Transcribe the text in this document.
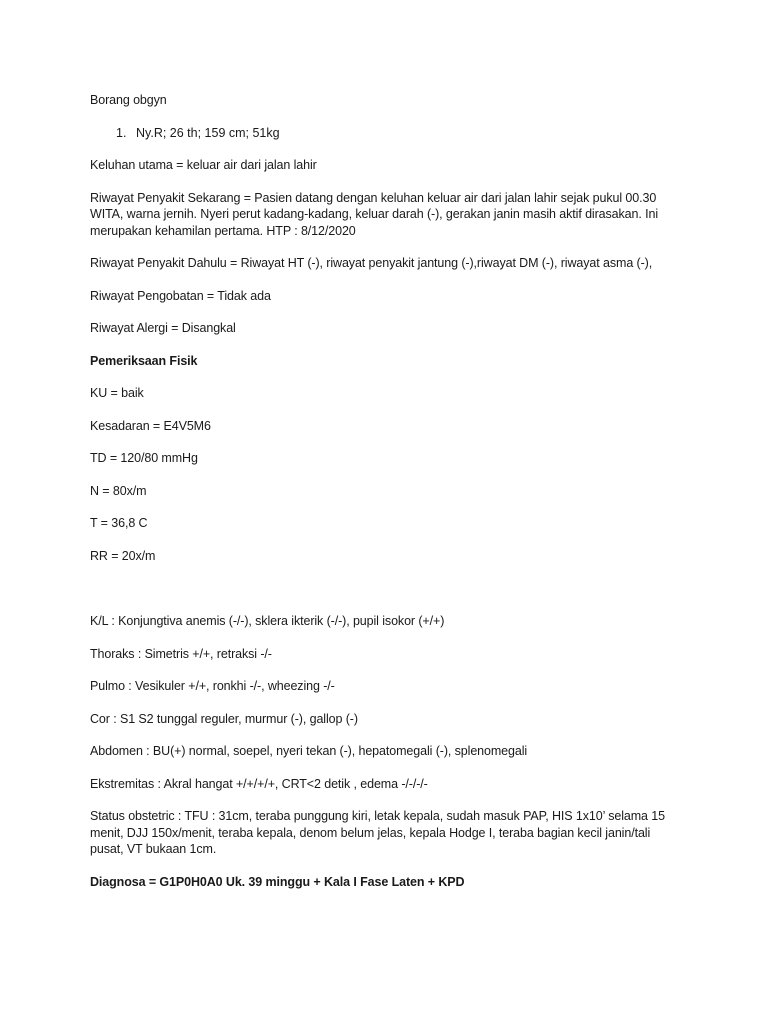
Borang obgyn

1. Ny.R; 26 th; 159 cm; 51kg

Keluhan utama = keluar air dari jalan lahir

Riwayat Penyakit Sekarang = Pasien datang dengan keluhan keluar air dari jalan lahir sejak pukul 00.30 WITA, warna jernih. Nyeri perut kadang-kadang, keluar darah (-), gerakan janin masih aktif dirasakan. Ini merupakan kehamilan pertama. HTP : 8/12/2020

Riwayat Penyakit Dahulu = Riwayat HT (-), riwayat penyakit jantung (-),riwayat DM (-), riwayat asma (-),

Riwayat Pengobatan = Tidak ada

Riwayat Alergi = Disangkal

Pemeriksaan Fisik

KU = baik

Kesadaran = E4V5M6

TD = 120/80 mmHg

N = 80x/m

T = 36,8 C

RR = 20x/m

K/L : Konjungtiva anemis (-/-), sklera ikterik (-/-), pupil isokor (+/+)

Thoraks : Simetris +/+, retraksi -/-

Pulmo : Vesikuler +/+, ronkhi -/-, wheezing -/-

Cor : S1 S2 tunggal reguler, murmur (-), gallop (-)

Abdomen : BU(+) normal, soepel, nyeri tekan (-), hepatomegali (-), splenomegali

Ekstremitas : Akral hangat +/+/+/+, CRT<2 detik , edema -/-/-/-

Status obstetric : TFU : 31cm, teraba punggung kiri, letak kepala, sudah masuk PAP, HIS 1x10’ selama 15 menit, DJJ 150x/menit, teraba kepala, denom belum jelas, kepala Hodge I, teraba bagian kecil janin/tali pusat, VT bukaan 1cm.

Diagnosa = G1P0H0A0 Uk. 39 minggu + Kala I Fase Laten + KPD
